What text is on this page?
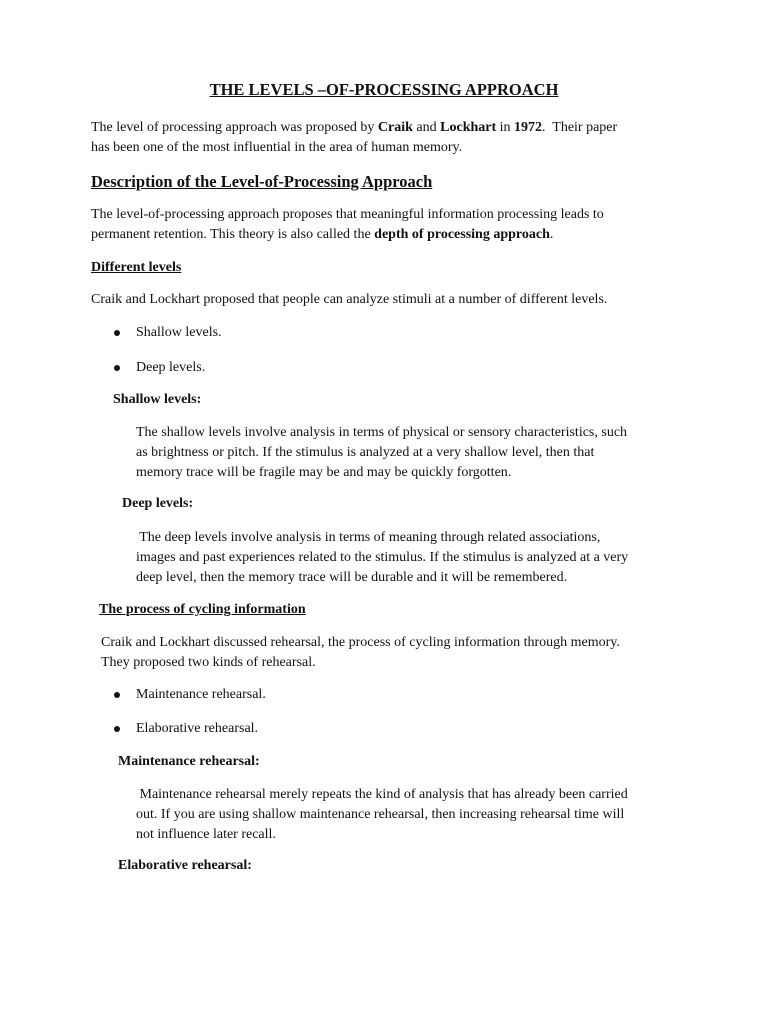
THE LEVELS –OF-PROCESSING APPROACH

The level of processing approach was proposed by Craik and Lockhart in 1972.  Their paper
has been one of the most influential in the area of human memory.

Description of the Level-of-Processing Approach

The level-of-processing approach proposes that meaningful information processing leads to
permanent retention. This theory is also called the depth of processing approach.

Different levels

Craik and Lockhart proposed that people can analyze stimuli at a number of different levels.

Shallow levels.
Deep levels.
Shallow levels:

The shallow levels involve analysis in terms of physical or sensory characteristics, such
as brightness or pitch. If the stimulus is analyzed at a very shallow level, then that
memory trace will be fragile may be and may be quickly forgotten.

Deep levels:

The deep levels involve analysis in terms of meaning through related associations,
images and past experiences related to the stimulus. If the stimulus is analyzed at a very
deep level, then the memory trace will be durable and it will be remembered.

The process of cycling information

Craik and Lockhart discussed rehearsal, the process of cycling information through memory.
They proposed two kinds of rehearsal.

Maintenance rehearsal.
Elaborative rehearsal.
Maintenance rehearsal:

Maintenance rehearsal merely repeats the kind of analysis that has already been carried
out. If you are using shallow maintenance rehearsal, then increasing rehearsal time will
not influence later recall.

Elaborative rehearsal:
